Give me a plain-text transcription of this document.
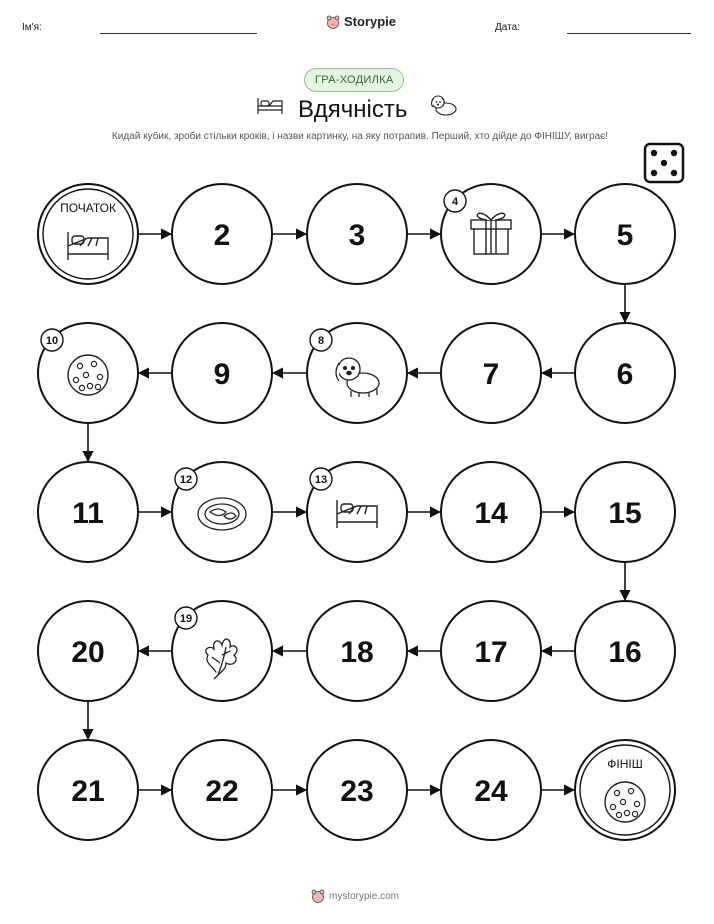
Ім'я:	Storypie	Дата:
ГРА-ХОДИЛКА
Вдячність
Кидай кубик, зроби стільки кроків, і назви картинку, на яку потрапив. Перший, хто дійде до ФІНІШУ, виграє!
ПОЧАТОК
2	3
4
5
6
7
8
9
10
11
12	13
14	15
16
17
18
19
20
21	22	23	24
ФІНІШ
mystorypie.com
